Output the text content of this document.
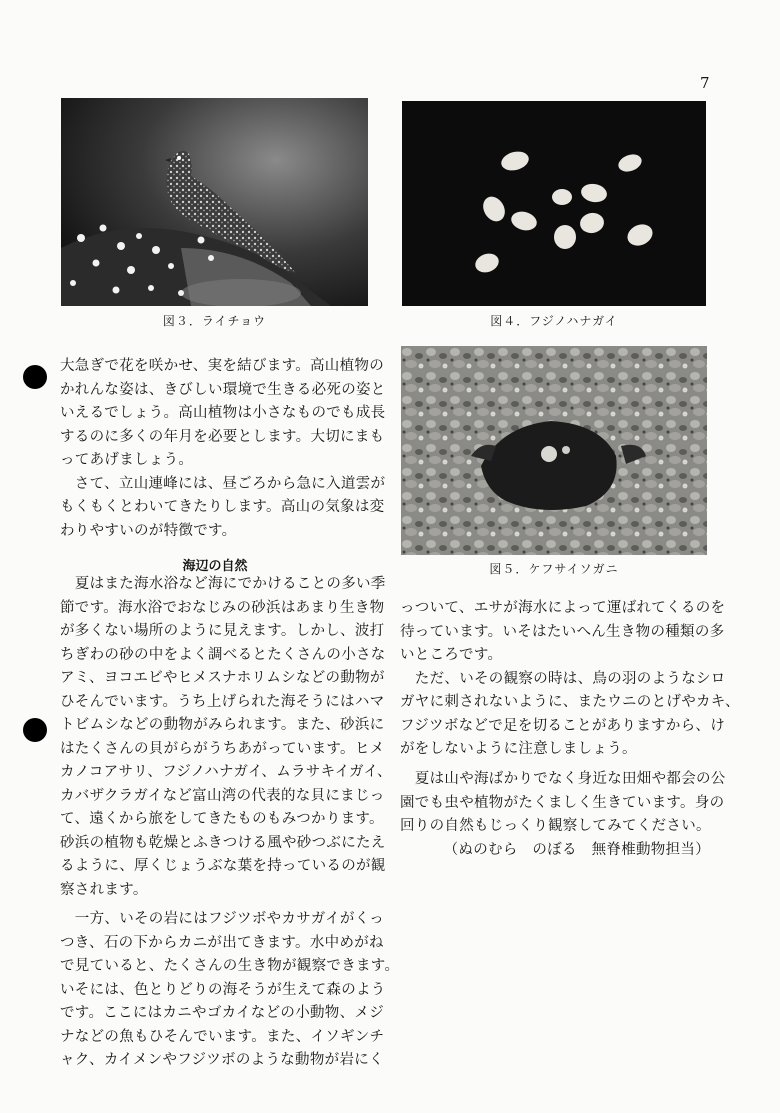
7
図３．ライチョウ	図４．フジノハナガイ
図５．ケフサイソガニ

大急ぎで花を咲かせ、実を結びます。高山植物の

かれんな姿は、きびしい環境で生きる必死の姿と

いえるでしょう。高山植物は小さなものでも成長

するのに多くの年月を必要とします。大切にまも

ってあげましょう。

　さて、立山連峰には、昼ごろから急に入道雲が

もくもくとわいてきたりします。高山の気象は変

わりやすいのが特徴です。

海辺の自然

　夏はまた海水浴など海にでかけることの多い季

節です。海水浴でおなじみの砂浜はあまり生き物

が多くない場所のように見えます。しかし、波打

ちぎわの砂の中をよく調べるとたくさんの小さな

アミ、ヨコエビやヒメスナホリムシなどの動物が

ひそんでいます。うち上げられた海そうにはハマ

トビムシなどの動物がみられます。また、砂浜に

はたくさんの貝がらがうちあがっています。ヒメ

カノコアサリ、フジノハナガイ、ムラサキイガイ、

カバザクラガイなど富山湾の代表的な貝にまじっ

て、遠くから旅をしてきたものもみつかります。

砂浜の植物も乾燥とふきつける風や砂つぶにたえ

るように、厚くじょうぶな葉を持っているのが観

察されます。

　一方、いその岩にはフジツボやカサガイがくっ

つき、石の下からカニが出てきます。水中めがね

で見ていると、たくさんの生き物が観察できます。

いそには、色とりどりの海そうが生えて森のよう

です。ここにはカニやゴカイなどの小動物、メジ

ナなどの魚もひそんでいます。また、イソギンチ

ャク、カイメンやフジツボのような動物が岩にく

っついて、エサが海水によって運ばれてくるのを

待っています。いそはたいへん生き物の種類の多

いところです。

　ただ、いその観察の時は、鳥の羽のようなシロ

ガヤに刺されないように、またウニのとげやカキ、

フジツボなどで足を切ることがありますから、け

がをしないように注意しましょう。

　夏は山や海ばかりでなく身近な田畑や都会の公

園でも虫や植物がたくましく生きています。身の

回りの自然もじっくり観察してみてください。

（ぬのむら　のぼる　無脊椎動物担当）
